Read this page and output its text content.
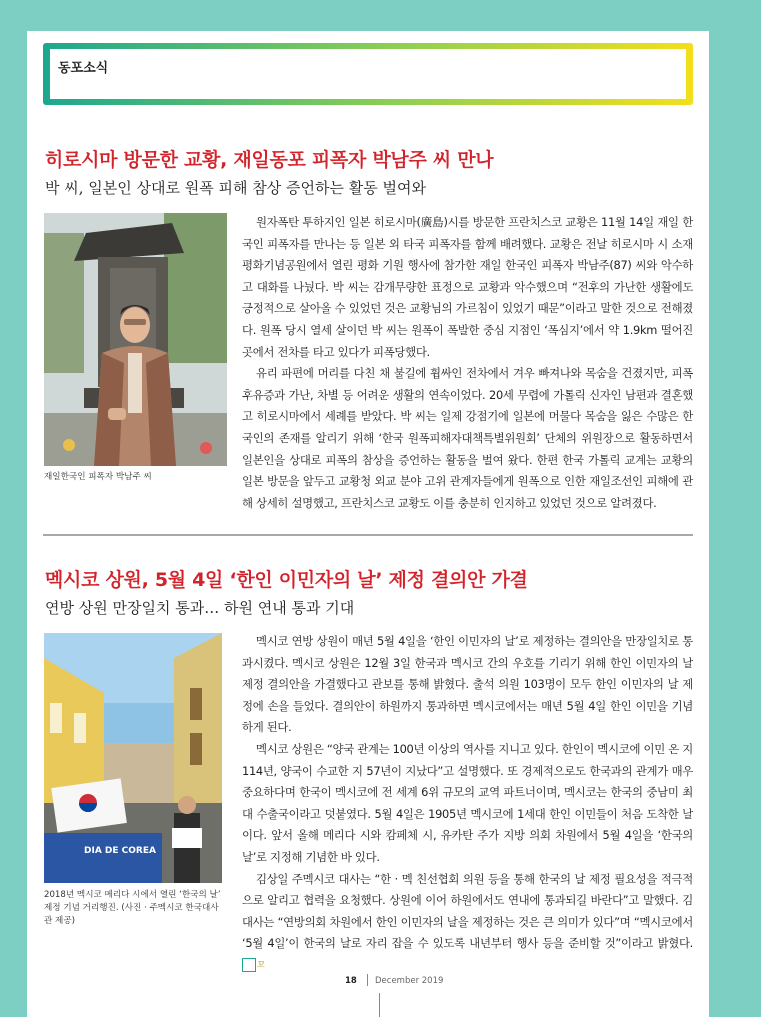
동포소식
히로시마 방문한 교황, 재일동포 피폭자 박남주 씨 만나
박 씨, 일본인 상대로 원폭 피해 참상 증언하는 활동 벌여와
재일한국인 피폭자 박남주 씨

원자폭탄 투하지인 일본 히로시마(廣島)시를 방문한 프란치스코 교황은 11월 14일 재일 한국인 피폭자를 만나는 등 일본 외 타국 피폭자를 함께 배려했다. 교황은 전날 히로시마 시 소재 평화기념공원에서 열린 평화 기원 행사에 참가한 재일 한국인 피폭자 박남주(87) 씨와 악수하고 대화를 나눴다. 박 씨는 감개무량한 표정으로 교황과 악수했으며 “전후의 가난한 생활에도 긍정적으로 살아올 수 있었던 것은 교황님의 가르침이 있었기 때문”이라고 말한 것으로 전해졌다. 원폭 당시 열세 살이던 박 씨는 원폭이 폭발한 중심 지점인 ‘폭심지’에서 약 1.9km 떨어진 곳에서 전차를 타고 있다가 피폭당했다.

유리 파편에 머리를 다친 채 불길에 휩싸인 전차에서 겨우 빠져나와 목숨을 건졌지만, 피폭 후유증과 가난, 차별 등 어려운 생활의 연속이었다. 20세 무렵에 가톨릭 신자인 남편과 결혼했고 히로시마에서 세례를 받았다. 박 씨는 일제 강점기에 일본에 머물다 목숨을 잃은 수많은 한국인의 존재를 알리기 위해 ‘한국 원폭피해자대책특별위원회’ 단체의 위원장으로 활동하면서 일본인을 상대로 피폭의 참상을 증언하는 활동을 벌여 왔다. 한편 한국 가톨릭 교계는 교황의 일본 방문을 앞두고 교황청 외교 분야 고위 관계자들에게 원폭으로 인한 재일조선인 피해에 관해 상세히 설명했고, 프란치스코 교황도 이를 충분히 인지하고 있었던 것으로 알려졌다.

멕시코 상원, 5월 4일 ‘한인 이민자의 날’ 제정 결의안 가결
연방 상원 만장일치 통과… 하원 연내 통과 기대
DIA DE COREA
2018년 멕시코 메리다 시에서 열린 ‘한국의 날’ 제정 기념 거리행진. (사진 · 주멕시코 한국대사관 제공)

멕시코 연방 상원이 매년 5월 4일을 ‘한인 이민자의 날’로 제정하는 결의안을 만장일치로 통과시켰다. 멕시코 상원은 12월 3일 한국과 멕시코 간의 우호를 기리기 위해 한인 이민자의 날 제정 결의안을 가결했다고 관보를 통해 밝혔다. 출석 의원 103명이 모두 한인 이민자의 날 제정에 손을 들었다. 결의안이 하원까지 통과하면 멕시코에서는 매년 5월 4일 한인 이민을 기념하게 된다.

멕시코 상원은 “양국 관계는 100년 이상의 역사를 지니고 있다. 한인이 멕시코에 이민 온 지 114년, 양국이 수교한 지 57년이 지났다”고 설명했다. 또 경제적으로도 한국과의 관계가 매우 중요하다며 한국이 멕시코에 전 세계 6위 규모의 교역 파트너이며, 멕시코는 한국의 중남미 최대 수출국이라고 덧붙였다. 5월 4일은 1905년 멕시코에 1세대 한인 이민들이 처음 도착한 날이다. 앞서 올해 메리다 시와 캄페체 시, 유카탄 주가 지방 의회 차원에서 5월 4일을 ‘한국의 날’로 지정해 기념한 바 있다.

김상일 주멕시코 대사는 “한 · 멕 친선협회 의원 등을 통해 한국의 날 제정 필요성을 적극적으로 알리고 협력을 요청했다. 상원에 이어 하원에서도 연내에 통과되길 바란다”고 말했다. 김 대사는 “연방의회 차원에서 한인 이민자의 날을 제정하는 것은 큰 의미가 있다”며 “멕시코에서 ‘5월 4일’이 한국의 날로 자리 잡을 수 있도록 내년부터 행사 등을 준비할 것”이라고 밝혔다. 꼬

18 December 2019
